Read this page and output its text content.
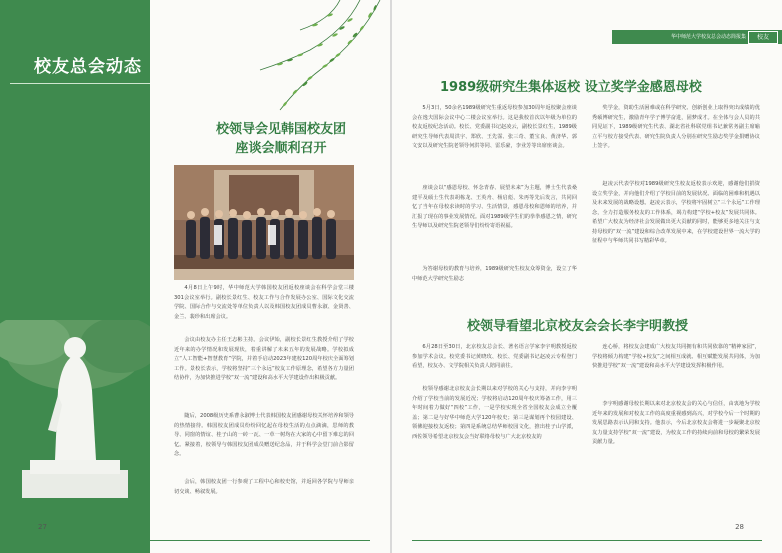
校友总会动态
校领导会见韩国校友团
座谈会顺利召开
4月8日上午9时，华中师范大学韩国校友团返校座谈会在科学会堂三楼301会议室举行。副校长景红生、校友工作与合作发展办公室、国际文化交流学院、国际合作与交流处等单位负责人以及韩国校友团成员曹永淑、金贤善、金兰、裴珍和出席会议。
会议由校友办主任王志彬主持。会议伊始，副校长景红生教授介绍了学校近年来的办学情况和发展现状，着重讲解了未来五年的发展战略。学校拟成立“人工智能+智慧教育”学院，并着手启动2023年建校120周年校庆全面筹划工作。景校长表示，学校将坚持“三个永远”校友工作原理念，希望各方力量团结协作，为加快推进学校“双一流”建设和高水平大学建设作出积极贡献。
随后，2008级历史系曹永淑博士代表韩国校友团感谢母校关怀培养和领导的热情接待。韩国校友团成员纷纷回忆起在母校生活的点点滴滴，思师的教导、同窗的情谊、桂子山的一砖一瓦、一草一树均在大家的心中留下难忘的回忆。紧接着，校领导与韩国校友团成员赠送纪念品，并于科学会堂门前合影留念。
会后，韩国校友团一行参观了工程中心和校史馆，并返回各学院与导师亲切交谈、畅叙发展。
27
华中师范大学校友总会动态简报集	校友
1989级研究生集体返校 设立奖学金感恩母校
5月3日，50余名1989级研究生重返母校参加30周年返校聚会座谈会在逸夫国际会议中心二楼会议室举行。这是我校首次以年级为单位的校友返校纪念活动。校长、党委副书记赵凌云，副校长景红生，1989级研究生导师代表周洪宇、郑欣、王先霈、张三奇、董宝良、黄济华、郭文安以及研究生院老领导何洪等同、雷乐豪，李业芳等出席座谈会。
座谈会以“感恩母校、怀念青春、展望未来”为主题，博士生代表桑建平及硕士生代表胡栋龙、王英舟、杨启彪、朱再等先后发言，共同回忆了当年在母校求读时的学习、生活情景，感恩母校和恩师的培养，并汇报了现在的事业发展情况。面对1989级学生们的拳拳感恩之情，研究生导师以及研究生院老领导们纷纷寄语祝福。
为答谢母校的教育与培养，1989级研究生校友众筹资金，设立了华中师范大学研究生励志
奖学金，资助生活困难或在科学研究、创新创业上取得突出成绩的优秀硕博研究生，激励青年学子博学奋进，固梦成才。在全体与会人员的共同见证下，1989级研究生代表、湖北省社科联党组书记兼常务副主席喻立平与校方接受代表、研究生院负责人分别在研究生励志奖学金捐赠协议上签字。
赵凌云代表学校对1989级研究生校友返校表示欢迎，感谢他们捐资设立奖学金，并向他们介绍了学校目前的发展状况、面临的困难和机遇以及未来发展的战略设想。赵凌云表示，学校将牢固树立“三个永远”工作理念，全力打造服务校友的工作体系，竭力构建“学校+校友”发展共同体。希望广大校友为经济社会发展做出更大贡献的同时，能够更多地关注与支持母校的“双一流”建设和综合改革发展中来，在学校建设世界一流大学的征程中与华师共同书写精彩华章。
校领导看望北京校友会会长李宇明教授
6月28日至30日，北京校友总会长、著名语言学家李宇明教授返校参加学术会议。校党委书记黄晓玫、校长、党委副书记赵凌云专程登门看望，校友办、文学院相关负责人陪同前往。
校领导感谢北京校友会长期以来对学校的关心与支持，并向李宇明介绍了学校当前的发展近况；学校将启动120周年校庆筹备工作，用三年时间着力做好“四校”工作，一是学校实现全省全国校友会成立全覆盖；第二是与好华中师范大学120年校史；第三是谋划再个校园建设、领佛迎接校友返校；第四是系统总结华师校园文化，推出桂子山学派，西佐领导希望北京校友会当好联络母校与广大北京校友的
连心桥，将校友会建成广大校友共同拥有和共同依靠的“精神家园”，学校将倾力构建“学校+校友”之间相互成就、相互赋能发展共同体，为加快推进学校“双一流”建设和高水平大学建设发挥积极作用。
李宇明感谢母校长期以来对北京校友会的关心与信任，由衷地为学校近年来的发展和对校友工作的高度重视感到高兴，对学校今后一个时期的发展思路表示认同和支持。他表示，今后北京校友会将进一步凝聚北京校友力量支持学校“双一流”建设，为校友工作的持续向前和母校的繁荣发展贡献力量。
28
